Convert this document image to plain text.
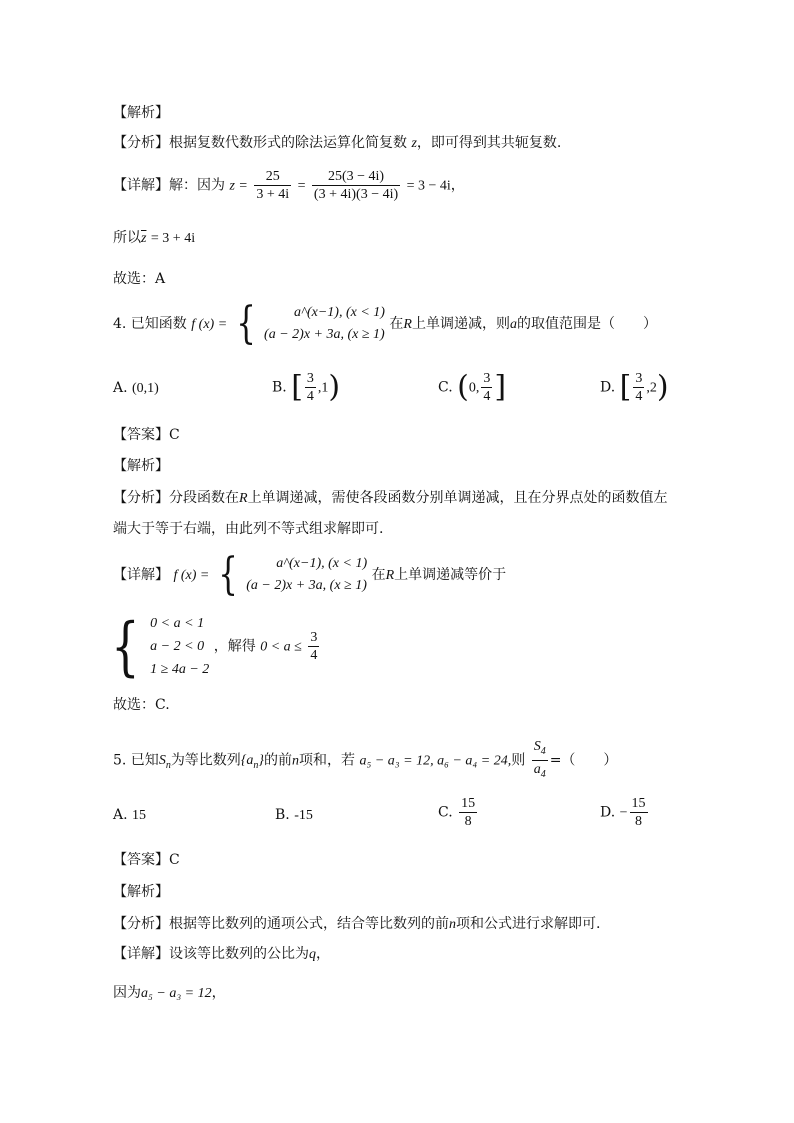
【解析】
【分析】根据复数代数形式的除法运算化简复数 z，即可得到其共轭复数.
【详解】解：因为 $z = \frac{25}{3 + 4i} = \frac{25(3 - 4i)}{(3 + 4i)(3 - 4i)} = 3 - 4i$，
所以$\overline{z} = 3 + 4i$
故选：A
4. 已知函数 f (x) = {	a^(x−1), (x < 1)
(a − 2)x + 3a, (x ≥ 1)
在R上单调递减，则a的取值范围是（　　）
A. (0,1)	B. [ $\frac{3}{4} ,1$)	C. (0, $\frac{3}{4}$ ]	D. [ $\frac{3}{4} ,2$)
【答案】C
【解析】
【分析】分段函数在R上单调递减，需使各段函数分别单调递减，且在分界点处的函数值左
端大于等于右端，由此列不等式组求解即可.
【详解】 f (x) = {	a^(x−1), (x < 1)
(a − 2)x + 3a, (x ≥ 1)
在R上单调递减等价于
{ 0 < a < 1
a − 2 < 0
1 ≥ 4a − 2
，解得 $0 < a \le \frac{3}{4}$
故选：C.
5. 已知$S_n$为等比数列$\{a_n\}$的前n项和，若 a₅ − a₃ = 12, a₆ − a₄ = 24,则 $\frac{S_4}{a_4}$ =（　　）
A. 15	B. -15	C. $\frac{15}{8}$	D. − $\frac{15}{8}$
【答案】C
【解析】
【分析】根据等比数列的通项公式，结合等比数列的前n项和公式进行求解即可.
【详解】设该等比数列的公比为q，
因为a₅ − a₃ = 12，
